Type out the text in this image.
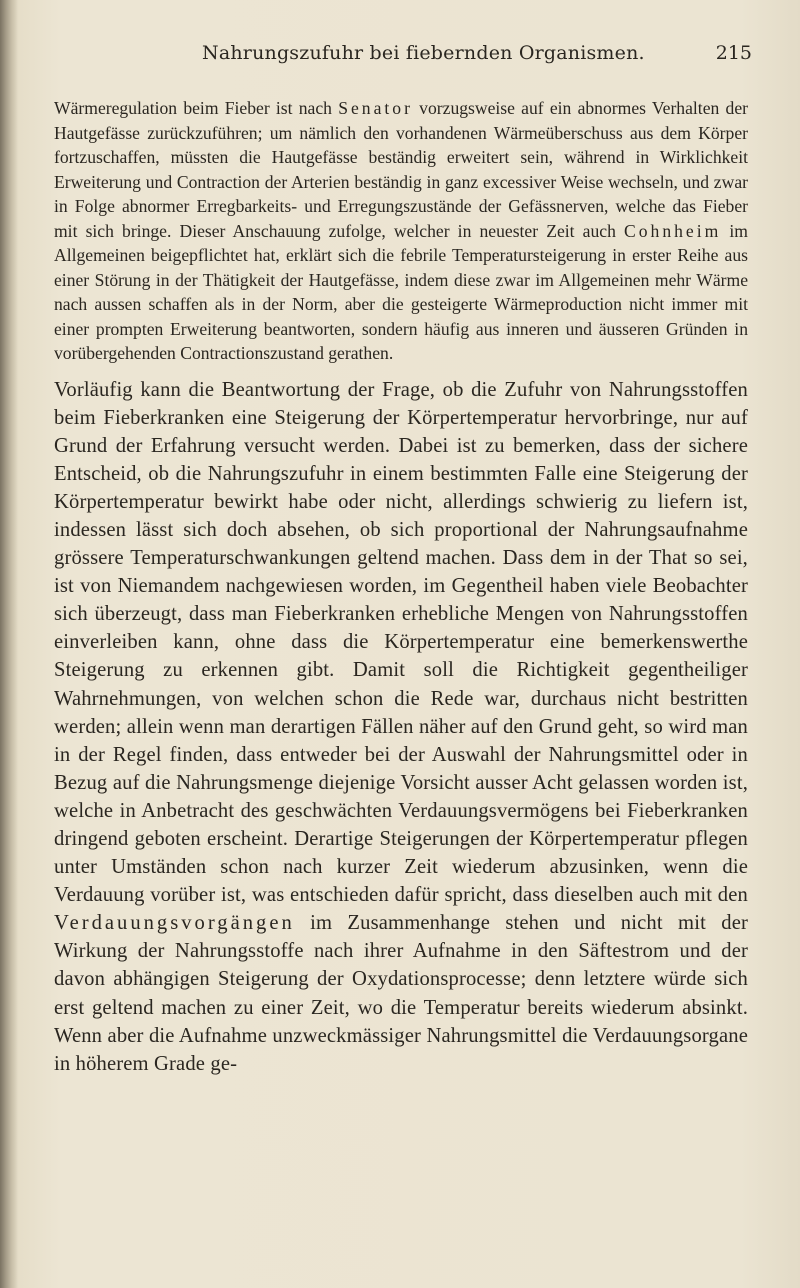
Nahrungszufuhr bei fiebernden Organismen.	215

Wärmeregulation beim Fieber ist nach Senator vorzugsweise auf ein abnormes Verhalten der Hautgefässe zurückzuführen; um nämlich den vorhandenen Wärmeüberschuss aus dem Körper fortzuschaffen, müssten die Hautgefässe beständig erweitert sein, während in Wirklichkeit Erweiterung und Contraction der Arterien beständig in ganz excessiver Weise wechseln, und zwar in Folge abnormer Erregbarkeits- und Erregungszustände der Gefässnerven, welche das Fieber mit sich bringe. Dieser Anschauung zufolge, welcher in neuester Zeit auch Cohnheim im Allgemeinen beigepflichtet hat, erklärt sich die febrile Temperatursteigerung in erster Reihe aus einer Störung in der Thätigkeit der Hautgefässe, indem diese zwar im Allgemeinen mehr Wärme nach aussen schaffen als in der Norm, aber die gesteigerte Wärmeproduction nicht immer mit einer prompten Erweiterung beantworten, sondern häufig aus inneren und äusseren Gründen in vorübergehenden Contractionszustand gerathen.

Vorläufig kann die Beantwortung der Frage, ob die Zufuhr von Nahrungsstoffen beim Fieberkranken eine Steigerung der Körpertemperatur hervorbringe, nur auf Grund der Erfahrung versucht werden. Dabei ist zu bemerken, dass der sichere Entscheid, ob die Nahrungszufuhr in einem bestimmten Falle eine Steigerung der Körpertemperatur bewirkt habe oder nicht, allerdings schwierig zu liefern ist, indessen lässt sich doch absehen, ob sich proportional der Nahrungsaufnahme grössere Temperaturschwankungen geltend machen. Dass dem in der That so sei, ist von Niemandem nachgewiesen worden, im Gegentheil haben viele Beobachter sich überzeugt, dass man Fieberkranken erhebliche Mengen von Nahrungsstoffen einverleiben kann, ohne dass die Körpertemperatur eine bemerkenswerthe Steigerung zu erkennen gibt. Damit soll die Richtigkeit gegentheiliger Wahrnehmungen, von welchen schon die Rede war, durchaus nicht bestritten werden; allein wenn man derartigen Fällen näher auf den Grund geht, so wird man in der Regel finden, dass entweder bei der Auswahl der Nahrungsmittel oder in Bezug auf die Nahrungsmenge diejenige Vorsicht ausser Acht gelassen worden ist, welche in Anbetracht des geschwächten Verdauungsvermögens bei Fieberkranken dringend geboten erscheint. Derartige Steigerungen der Körpertemperatur pflegen unter Umständen schon nach kurzer Zeit wiederum abzusinken, wenn die Verdauung vorüber ist, was entschieden dafür spricht, dass dieselben auch mit den Verdauungsvorgängen im Zusammenhange stehen und nicht mit der Wirkung der Nahrungsstoffe nach ihrer Aufnahme in den Säftestrom und der davon abhängigen Steigerung der Oxydationsprocesse; denn letztere würde sich erst geltend machen zu einer Zeit, wo die Temperatur bereits wiederum absinkt. Wenn aber die Aufnahme unzweckmässiger Nahrungsmittel die Verdauungsorgane in höherem Grade ge-
